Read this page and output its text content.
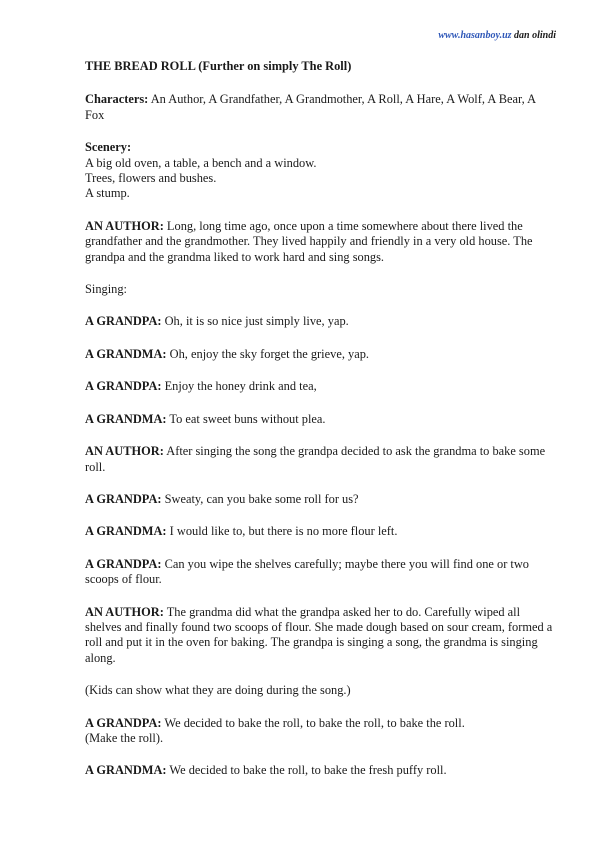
www.hasanboy.uz dan olindi

THE BREAD ROLL (Further on simply The Roll)

Characters: An Author, A Grandfather, A Grandmother, A Roll, A Hare, A Wolf, A Bear, A Fox

Scenery:
A big old oven, a table, a bench and a window.
Trees, flowers and bushes.
A stump.

AN AUTHOR: Long, long time ago, once upon a time somewhere about there lived the grandfather and the grandmother. They lived happily and friendly in a very old house. The grandpa and the grandma liked to work hard and sing songs.

Singing:

A GRANDPA: Oh, it is so nice just simply live, yap.

A GRANDMA: Oh, enjoy the sky forget the grieve, yap.

A GRANDPA: Enjoy the honey drink and tea,

A GRANDMA: To eat sweet buns without plea.

AN AUTHOR: After singing the song the grandpa decided to ask the grandma to bake some roll.

A GRANDPA: Sweaty, can you bake some roll for us?

A GRANDMA: I would like to, but there is no more flour left.

A GRANDPA: Can you wipe the shelves carefully; maybe there you will find one or two scoops of flour.

AN AUTHOR: The grandma did what the grandpa asked her to do. Carefully wiped all shelves and finally found two scoops of flour. She made dough based on sour cream, formed a roll and put it in the oven for baking. The grandpa is singing a song, the grandma is singing along.

(Kids can show what they are doing during the song.)

A GRANDPA: We decided to bake the roll, to bake the roll, to bake the roll.
(Make the roll).

A GRANDMA: We decided to bake the roll, to bake the fresh puffy roll.
